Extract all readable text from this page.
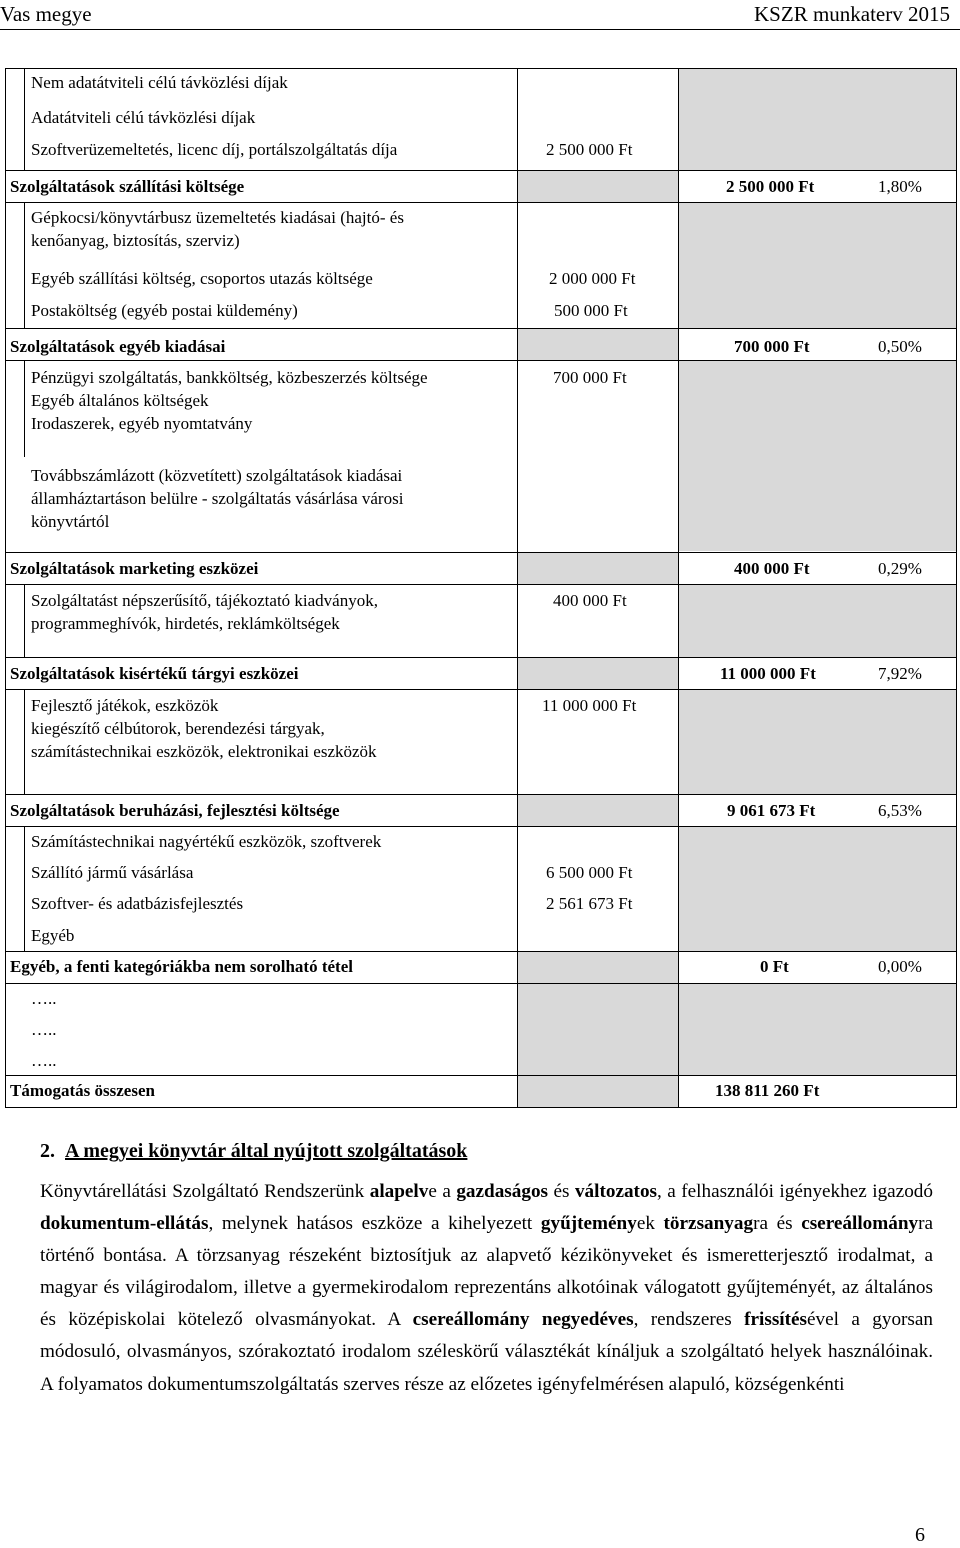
Vas megye	KSZR munkaterv 2015
Nem adatátviteli célú távközlési díjak
Adatátviteli célú távközlési díjak
Szoftverüzemeltetés, licenc díj, portálszolgáltatás díja	2 500 000 Ft
Szolgáltatások szállítási költsége	2 500 000 Ft	1,80%
Gépkocsi/könyvtárbusz üzemeltetés kiadásai (hajtó- és
kenőanyag, biztosítás, szerviz)
Egyéb szállítási költség, csoportos utazás költsége	2 000 000 Ft
Postaköltség (egyéb postai küldemény)	500 000 Ft
Szolgáltatások egyéb kiadásai	700 000 Ft	0,50%
Pénzügyi szolgáltatás, bankköltség, közbeszerzés költsége
Egyéb általános költségek
Irodaszerek, egyéb nyomtatvány
700 000 Ft
Továbbszámlázott (közvetített) szolgáltatások kiadásai
államháztartáson belülre - szolgáltatás vásárlása városi
könyvtártól
Szolgáltatások marketing eszközei	400 000 Ft	0,29%
Szolgáltatást népszerűsítő, tájékoztató kiadványok,
programmeghívók, hirdetés, reklámköltségek
400 000 Ft
Szolgáltatások kisértékű tárgyi eszközei	11 000 000 Ft	7,92%
Fejlesztő játékok, eszközök
kiegészítő célbútorok, berendezési tárgyak,
számítástechnikai eszközök, elektronikai eszközök
11 000 000 Ft
Szolgáltatások beruházási, fejlesztési költsége	9 061 673 Ft	6,53%
Számítástechnikai nagyértékű eszközök, szoftverek
Szállító jármű vásárlása	6 500 000 Ft
Szoftver- és adatbázisfejlesztés	2 561 673 Ft
Egyéb
Egyéb, a fenti kategóriákba nem sorolható tétel	0 Ft	0,00%
…..
…..
…..
Támogatás összesen	138 811 260 Ft
2. A megyei könyvtár által nyújtott szolgáltatások
Könyvtárellátási Szolgáltató Rendszerünk alapelve a gazdaságos és változatos, a felhasználói igényekhez igazodó dokumentum-ellátás, melynek hatásos eszköze a kihelyezett gyűjtemények törzsanyagra és csereállományra történő bontása. A törzsanyag részeként biztosítjuk az alapvető kézikönyveket és ismeretterjesztő irodalmat, a magyar és világirodalom, illetve a gyermekirodalom reprezentáns alkotóinak válogatott gyűjteményét, az általános és középiskolai kötelező olvasmányokat. A csereállomány negyedéves, rendszeres frissítésével a gyorsan módosuló, olvasmányos, szórakoztató irodalom széleskörű választékát kínáljuk a szolgáltató helyek használóinak. A folyamatos dokumentumszolgáltatás szerves része az előzetes igényfelmérésen alapuló, községenkénti
6
